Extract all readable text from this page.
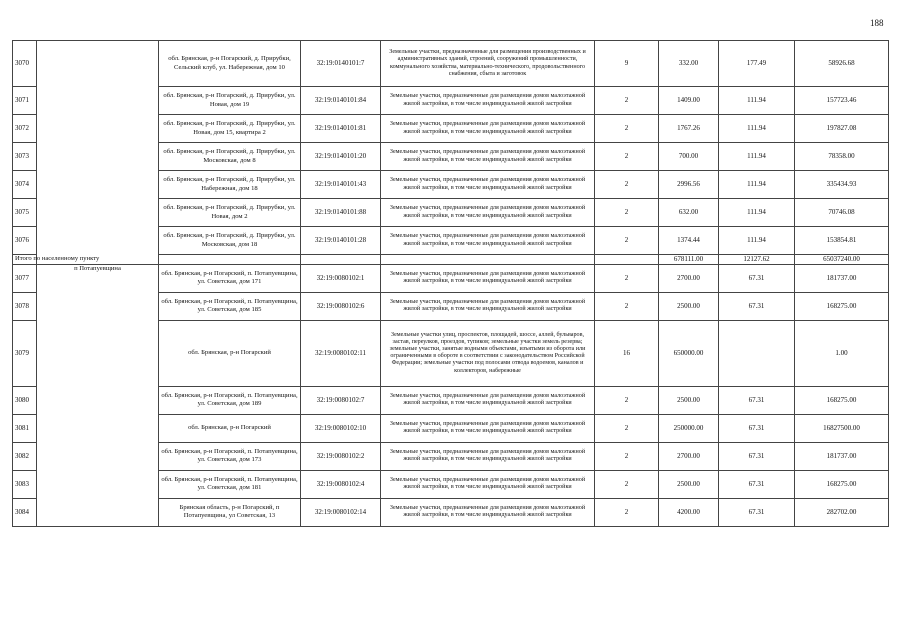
188
3070		обл. Брянская, р-н Погарский, д. Прирубки, Сельский клуб, ул. Набережная, дом 10	32:19:0140101:7	Земельные участки, предназначенные для размещения производственных и административных зданий, строений, сооружений промышленности, коммунального хозяйства, материально-технического, продовольственного снабжения, сбыта и заготовок	9	332.00	177.49	58926.68
3071		обл. Брянская, р-н Погарский, д. Прирубки, ул. Новая, дом 19	32:19:0140101:84	Земельные участки, предназначенные для размещения домов малоэтажной жилой застройки, в том числе индивидуальной жилой застройки	2	1409.00	111.94	157723.46
3072		обл. Брянская, р-н Погарский, д. Прирубки, ул. Новая, дом 15, квартира 2	32:19:0140101:81	Земельные участки, предназначенные для размещения домов малоэтажной жилой застройки, в том числе индивидуальной жилой застройки	2	1767.26	111.94	197827.08
3073		обл. Брянская, р-н Погарский, д. Прирубки, ул. Московская, дом 8	32:19:0140101:20	Земельные участки, предназначенные для размещения домов малоэтажной жилой застройки, в том числе индивидуальной жилой застройки	2	700.00	111.94	78358.00
3074		обл. Брянская, р-н Погарский, д. Прирубки, ул. Набережная, дом 18	32:19:0140101:43	Земельные участки, предназначенные для размещения домов малоэтажной жилой застройки, в том числе индивидуальной жилой застройки	2	2996.56	111.94	335434.93
3075		обл. Брянская, р-н Погарский, д. Прирубки, ул. Новая, дом 2	32:19:0140101:88	Земельные участки, предназначенные для размещения домов малоэтажной жилой застройки, в том числе индивидуальной жилой застройки	2	632.00	111.94	70746.08
3076		обл. Брянская, р-н Погарский, д. Прирубки, ул. Московская, дом 18	32:19:0140101:28	Земельные участки, предназначенные для размещения домов малоэтажной жилой застройки, в том числе индивидуальной жилой застройки	2	1374.44	111.94	153854.81
Итого по населенному пункту						678111.00	12127.62	65037240.00
3077	п Потапуевщина	обл. Брянская, р-н Погарский, п. Потапуевщина, ул. Советская, дом 171	32:19:0080102:1	Земельные участки, предназначенные для размещения домов малоэтажной жилой застройки, в том числе индивидуальной жилой застройки	2	2700.00	67.31	181737.00
3078		обл. Брянская, р-н Погарский, п. Потапуевщина, ул. Советская, дом 185	32:19:0080102:6	Земельные участки, предназначенные для размещения домов малоэтажной жилой застройки, в том числе индивидуальной жилой застройки	2	2500.00	67.31	168275.00
3079		обл. Брянская, р-н Погарский	32:19:0080102:11	Земельные участки улиц, проспектов, площадей, шоссе, аллей, бульваров, застав, переулков, проездов, тупиков; земельные участки земель резерва; земельные участки, занятые водными объектами, изъятыми из оборота или ограниченными в обороте в соответствии с законодательством Российской Федерации; земельные участки под полосами отвода водоемов, каналов и коллекторов, набережные	16	650000.00		1.00
3080		обл. Брянская, р-н Погарский, п. Потапуевщина, ул. Советская, дом 189	32:19:0080102:7	Земельные участки, предназначенные для размещения домов малоэтажной жилой застройки, в том числе индивидуальной жилой застройки	2	2500.00	67.31	168275.00
3081		обл. Брянская, р-н Погарский	32:19:0080102:10	Земельные участки, предназначенные для размещения домов малоэтажной жилой застройки, в том числе индивидуальной жилой застройки	2	250000.00	67.31	16827500.00
3082		обл. Брянская, р-н Погарский, п. Потапуевщина, ул. Советская, дом 173	32:19:0080102:2	Земельные участки, предназначенные для размещения домов малоэтажной жилой застройки, в том числе индивидуальной жилой застройки	2	2700.00	67.31	181737.00
3083		обл. Брянская, р-н Погарский, п. Потапуевщина, ул. Советская, дом 181	32:19:0080102:4	Земельные участки, предназначенные для размещения домов малоэтажной жилой застройки, в том числе индивидуальной жилой застройки	2	2500.00	67.31	168275.00
3084		Брянская область, р-н Погарский, п Потапуевщина, ул Советская, 13	32:19:0080102:14	Земельные участки, предназначенные для размещения домов малоэтажной жилой застройки, в том числе индивидуальной жилой застройки	2	4200.00	67.31	282702.00
